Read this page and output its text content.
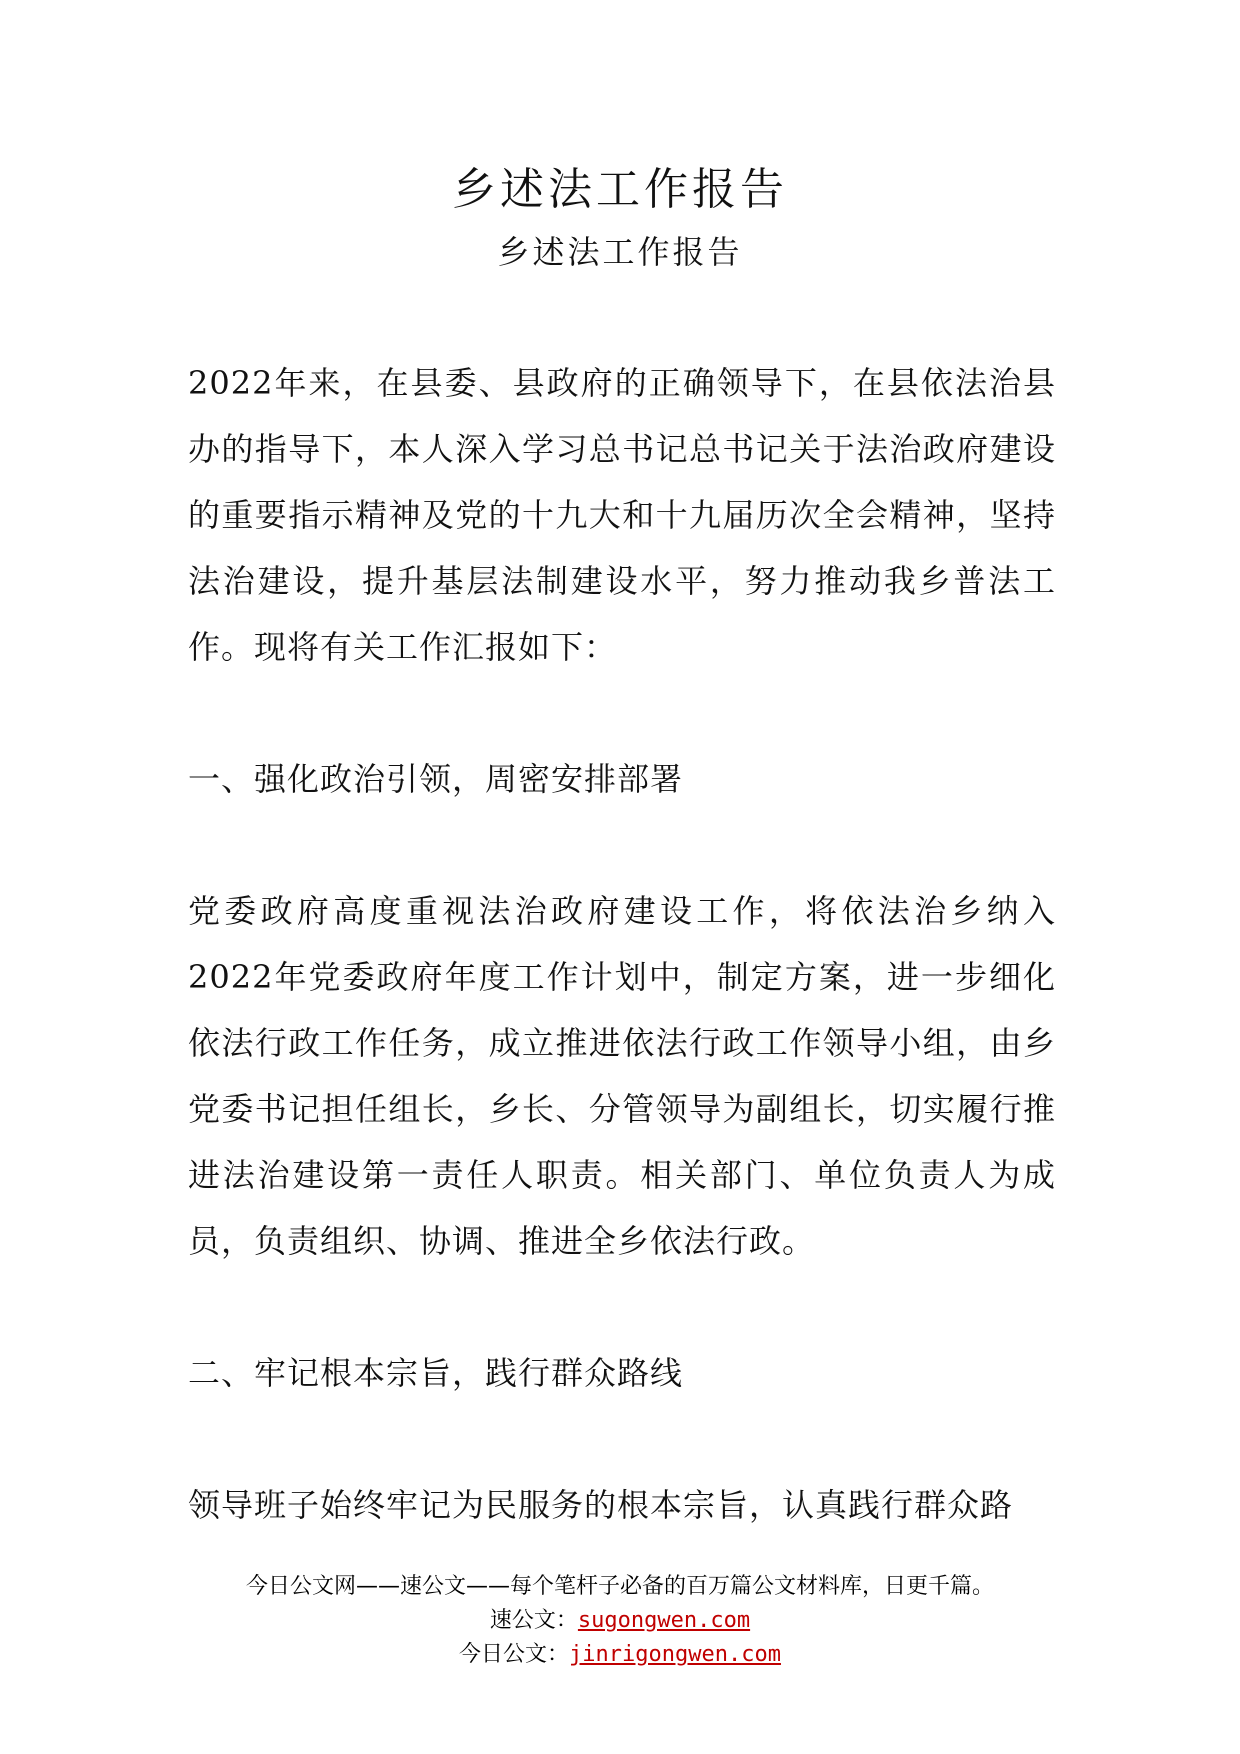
乡述法工作报告
乡述法工作报告

2022年来，在县委、县政府的正确领导下，在县依法治县办的指导下，本人深入学习总书记总书记关于法治政府建设的重要指示精神及党的十九大和十九届历次全会精神，坚持法治建设，提升基层法制建设水平，努力推动我乡普法工作。现将有关工作汇报如下：

一、强化政治引领，周密安排部署

党委政府高度重视法治政府建设工作，将依法治乡纳入2022年党委政府年度工作计划中，制定方案，进一步细化依法行政工作任务，成立推进依法行政工作领导小组，由乡党委书记担任组长，乡长、分管领导为副组长，切实履行推进法治建设第一责任人职责。相关部门、单位负责人为成员，负责组织、协调、推进全乡依法行政。

二、牢记根本宗旨，践行群众路线

领导班子始终牢记为民服务的根本宗旨，认真践行群众路

今日公文网——速公文——每个笔杆子必备的百万篇公文材料库，日更千篇。
速公文：sugongwen.com
今日公文：jinrigongwen.com
